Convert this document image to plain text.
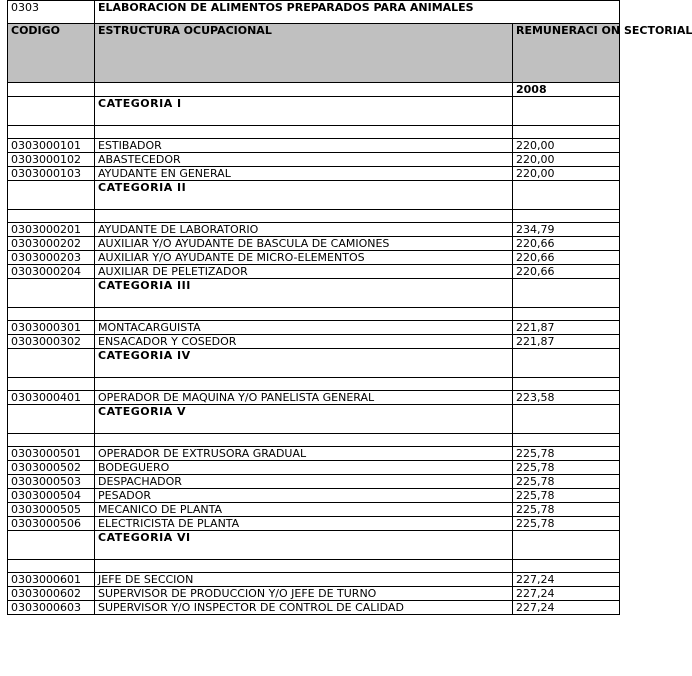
0303	ELABORACION DE ALIMENTOS PREPARADOS PARA ANIMALES	
CODIGO	ESTRUCTURA OCUPACIONAL	REMUNERACI ON SECTORIAL

		2008
	CATEGORIA I	

0303000101	ESTIBADOR	220,00
0303000102	ABASTECEDOR	220,00
0303000103	AYUDANTE EN GENERAL	220,00
	CATEGORIA II	

0303000201	AYUDANTE DE LABORATORIO	234,79
0303000202	AUXILIAR Y/O AYUDANTE DE BASCULA DE CAMIONES	220,66
0303000203	AUXILIAR Y/O AYUDANTE DE MICRO-ELEMENTOS	220,66
0303000204	AUXILIAR DE PELETIZADOR	220,66
	CATEGORIA III	

0303000301	MONTACARGUISTA	221,87
0303000302	ENSACADOR Y COSEDOR	221,87
	CATEGORIA IV	

0303000401	OPERADOR DE MAQUINA Y/O PANELISTA GENERAL	223,58
	CATEGORIA V	

0303000501	OPERADOR DE EXTRUSORA GRADUAL	225,78
0303000502	BODEGUERO	225,78
0303000503	DESPACHADOR	225,78
0303000504	PESADOR	225,78
0303000505	MECANICO DE PLANTA	225,78
0303000506	ELECTRICISTA DE PLANTA	225,78
	CATEGORIA VI	

0303000601	JEFE DE SECCION	227,24
0303000602	SUPERVISOR DE PRODUCCION Y/O JEFE DE TURNO	227,24
0303000603	SUPERVISOR Y/O INSPECTOR DE CONTROL DE CALIDAD	227,24
